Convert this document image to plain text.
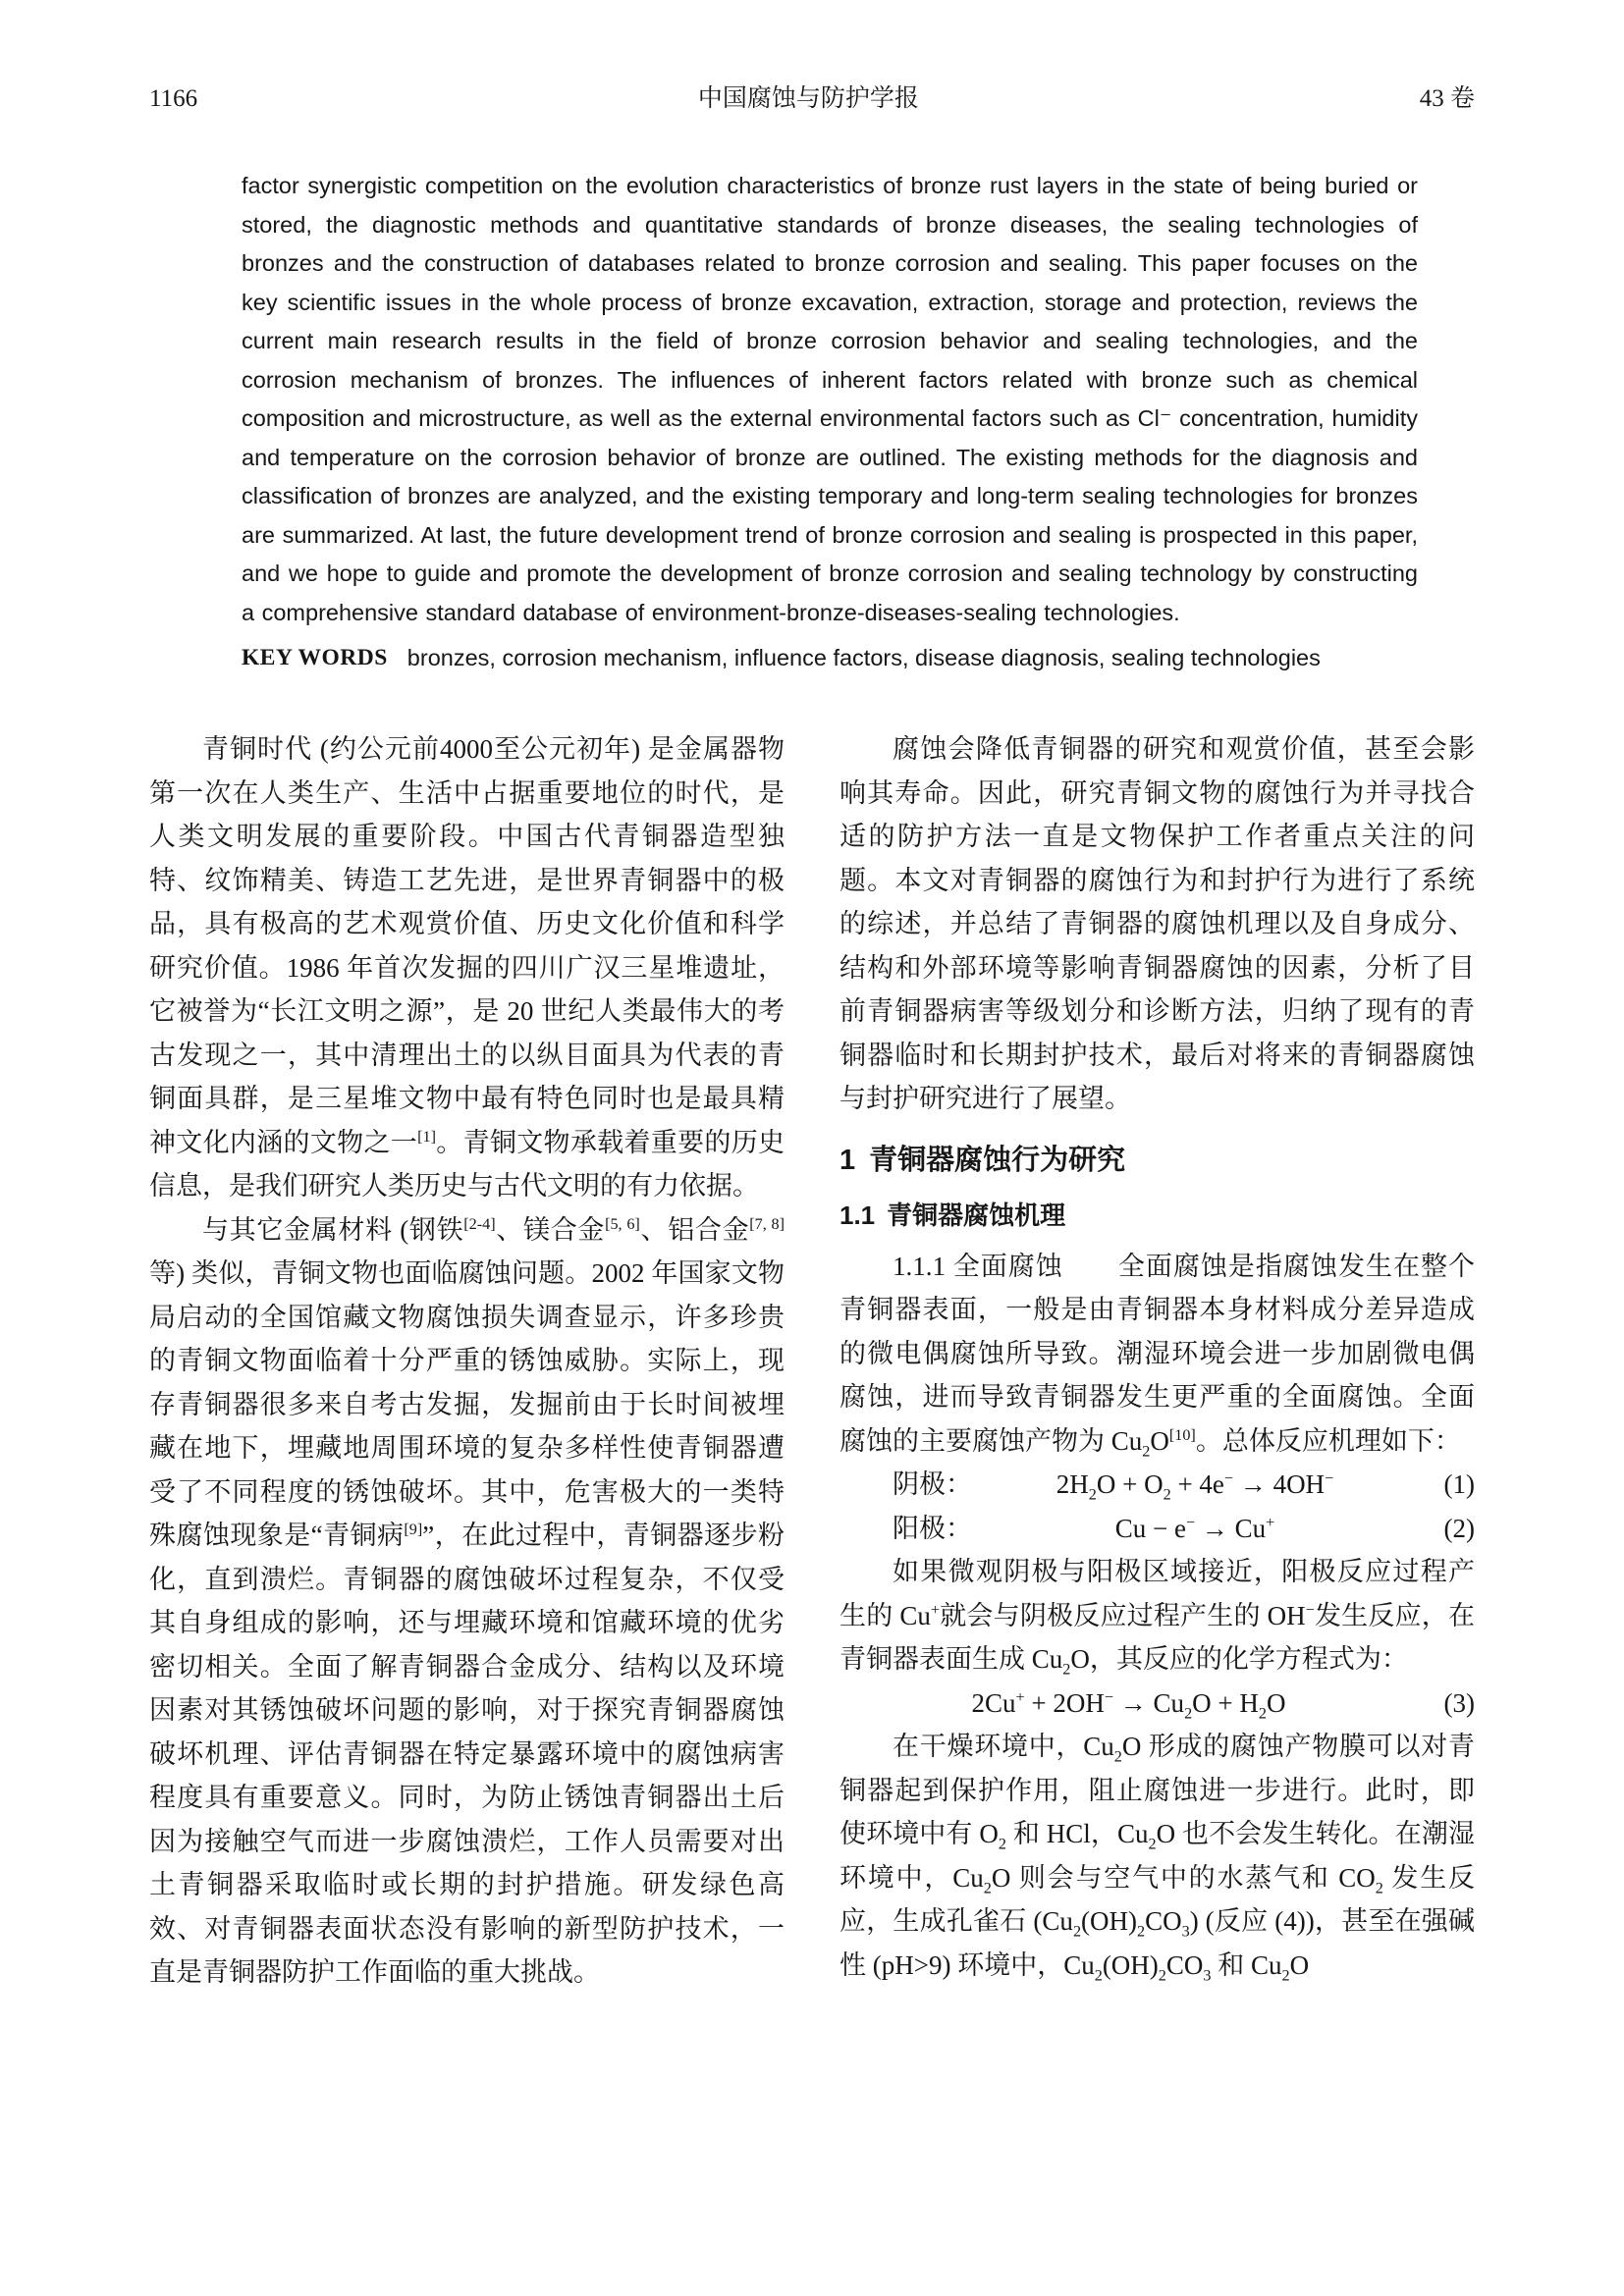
1166	中国腐蚀与防护学报	43 卷

factor synergistic competition on the evolution characteristics of bronze rust layers in the state of being buried or stored, the diagnostic methods and quantitative standards of bronze diseases, the sealing technologies of bronzes and the construction of databases related to bronze corrosion and sealing. This paper focuses on the key scientific issues in the whole process of bronze excavation, extraction, storage and protection, reviews the current main research results in the field of bronze corrosion behavior and sealing technologies, and the corrosion mechanism of bronzes. The influences of inherent factors related with bronze such as chemical composition and microstructure, as well as the external environmental factors such as Cl⁻ concentration, humidity and temperature on the corrosion behavior of bronze are outlined. The existing methods for the diagnosis and classification of bronzes are analyzed, and the existing temporary and long-term sealing technologies for bronzes are summarized. At last, the future development trend of bronze corrosion and sealing is prospected in this paper, and we hope to guide and promote the development of bronze corrosion and sealing technology by constructing a comprehensive standard database of environment-bronze-diseases-sealing technologies.

KEY WORDS bronzes, corrosion mechanism, influence factors, disease diagnosis, sealing technologies

青铜时代 (约公元前4000至公元初年) 是金属器物第一次在人类生产、生活中占据重要地位的时代，是人类文明发展的重要阶段。中国古代青铜器造型独特、纹饰精美、铸造工艺先进，是世界青铜器中的极品，具有极高的艺术观赏价值、历史文化价值和科学研究价值。1986 年首次发掘的四川广汉三星堆遗址，它被誉为“长江文明之源”，是 20 世纪人类最伟大的考古发现之一，其中清理出土的以纵目面具为代表的青铜面具群，是三星堆文物中最有特色同时也是最具精神文化内涵的文物之一[1]。青铜文物承载着重要的历史信息，是我们研究人类历史与古代文明的有力依据。

与其它金属材料 (钢铁[2-4]、镁合金[5, 6]、铝合金[7, 8]等) 类似，青铜文物也面临腐蚀问题。2002 年国家文物局启动的全国馆藏文物腐蚀损失调查显示，许多珍贵的青铜文物面临着十分严重的锈蚀威胁。实际上，现存青铜器很多来自考古发掘，发掘前由于长时间被埋藏在地下，埋藏地周围环境的复杂多样性使青铜器遭受了不同程度的锈蚀破坏。其中，危害极大的一类特殊腐蚀现象是“青铜病[9]”，在此过程中，青铜器逐步粉化，直到溃烂。青铜器的腐蚀破坏过程复杂，不仅受其自身组成的影响，还与埋藏环境和馆藏环境的优劣密切相关。全面了解青铜器合金成分、结构以及环境因素对其锈蚀破坏问题的影响，对于探究青铜器腐蚀破坏机理、评估青铜器在特定暴露环境中的腐蚀病害程度具有重要意义。同时，为防止锈蚀青铜器出土后因为接触空气而进一步腐蚀溃烂，工作人员需要对出土青铜器采取临时或长期的封护措施。研发绿色高效、对青铜器表面状态没有影响的新型防护技术，一直是青铜器防护工作面临的重大挑战。

腐蚀会降低青铜器的研究和观赏价值，甚至会影响其寿命。因此，研究青铜文物的腐蚀行为并寻找合适的防护方法一直是文物保护工作者重点关注的问题。本文对青铜器的腐蚀行为和封护行为进行了系统的综述，并总结了青铜器的腐蚀机理以及自身成分、结构和外部环境等影响青铜器腐蚀的因素，分析了目前青铜器病害等级划分和诊断方法，归纳了现有的青铜器临时和长期封护技术，最后对将来的青铜器腐蚀与封护研究进行了展望。

1 青铜器腐蚀行为研究
1.1 青铜器腐蚀机理

1.1.1 全面腐蚀　　全面腐蚀是指腐蚀发生在整个青铜器表面，一般是由青铜器本身材料成分差异造成的微电偶腐蚀所导致。潮湿环境会进一步加剧微电偶腐蚀，进而导致青铜器发生更严重的全面腐蚀。全面腐蚀的主要腐蚀产物为 $Cu_2O[10]$。总体反应机理如下：

阴极：	$2H_2O + O_2 + 4e^- \to 4OH^-$	(1)
阳极：	Cu − e− → Cu+	(2)

如果微观阴极与阳极区域接近，阳极反应过程产生的 Cu+就会与阴极反应过程产生的 OH−发生反应，在青铜器表面生成 $Cu_2O$，其反应的化学方程式为：

$2Cu^+ + 2OH^- \to Cu_2O + H_2O$	(3)

在干燥环境中，$Cu_2O$ 形成的腐蚀产物膜可以对青铜器起到保护作用，阻止腐蚀进一步进行。此时，即使环境中有 $O_2$ 和 HCl，$Cu_2O$ 也不会发生转化。在潮湿环境中，$Cu_2O$ 则会与空气中的水蒸气和 $CO_2$ 发生反应，生成孔雀石 $(Cu_2(OH)_2CO_3)$ (反应 (4))，甚至在强碱性 (pH>9) 环境中，$Cu_2(OH)_2CO_3$ 和 $Cu_2O$
